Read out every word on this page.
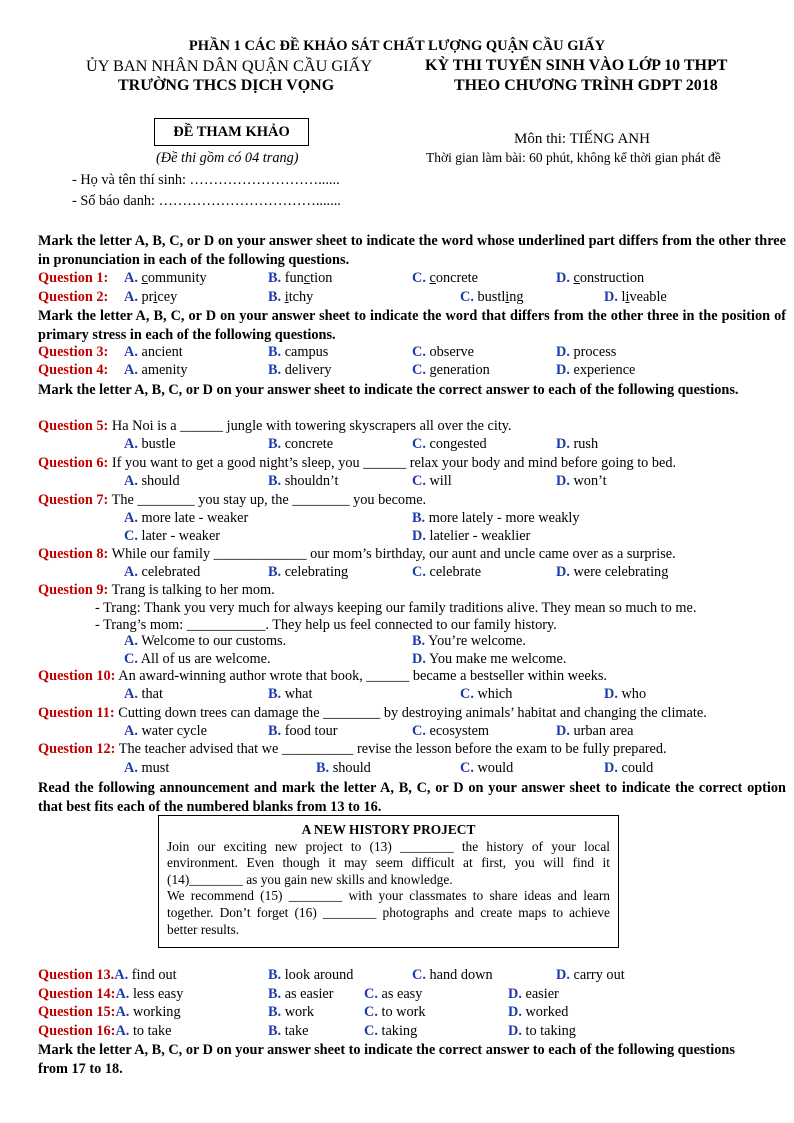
PHẦN 1 CÁC ĐỀ KHẢO SÁT CHẤT LƯỢNG QUẬN CẦU GIẤY
ỦY BAN NHÂN DÂN QUẬN CẦU GIẤY
TRƯỜNG THCS DỊCH VỌNG
KỲ THI TUYỂN SINH VÀO LỚP 10 THPT
THEO CHƯƠNG TRÌNH GDPT 2018
ĐỀ THAM KHẢO
(Đề thi gồm có 04 trang)
Môn thi: TIẾNG ANH
Thời gian làm bài: 60 phút, không kể thời gian phát đề
- Họ và tên thí sinh: ………………………......
- Số báo danh: …………………………….......
Mark the letter A, B, C, or D on your answer sheet to indicate the word whose underlined part differs from the other three in pronunciation in each of the following questions.
Question 1: A. community	B. function	C. concrete	D. construction
Question 2: A. pricey	B. itchy	C. bustling	D. liveable
Mark the letter A, B, C, or D on your answer sheet to indicate the word that differs from the other three in the position of primary stress in each of the following questions.
Question 3: A. ancient	B. campus	C. observe	D. process
Question 4: A. amenity	B. delivery	C. generation	D. experience
Mark the letter A, B, C, or D on your answer sheet to indicate the correct answer to each of the following questions.
Question 5: Ha Noi is a ______ jungle with towering skyscrapers all over the city.
A. bustle	B. concrete	C. congested	D. rush
Question 6: If you want to get a good night’s sleep, you ______ relax your body and mind before going to bed.
A. should	B. shouldn’t	C. will	D. won’t
Question 7: The ________ you stay up, the ________ you become.
A. more late - weaker	B. more lately - more weakly
C. later - weaker	D. latelier - weaklier
Question 8: While our family _____________ our mom’s birthday, our aunt and uncle came over as a surprise.
A. celebrated	B. celebrating	C. celebrate	D. were celebrating
Question 9: Trang is talking to her mom.
- Trang: Thank you very much for always keeping our family traditions alive. They mean so much to me.
- Trang’s mom: ___________. They help us feel connected to our family history.
A. Welcome to our customs.	B. You’re welcome.
C. All of us are welcome.	D. You make me welcome.
Question 10: An award-winning author wrote that book, ______ became a bestseller within weeks.
A. that	B. what	C. which	D. who
Question 11: Cutting down trees can damage the ________ by destroying animals’ habitat and changing the climate.
A. water cycle	B. food tour	C. ecosystem	D. urban area
Question 12: The teacher advised that we __________ revise the lesson before the exam to be fully prepared.
A. must	B. should	C. would	D. could
Read the following announcement and mark the letter A, B, C, or D on your answer sheet to indicate the correct option that best fits each of the numbered blanks from 13 to 16.
A NEW HISTORY PROJECT
Join our exciting new project to (13) ________ the history of your local environment. Even though it may seem difficult at first, you will find it (14)________ as you gain new skills and knowledge.
We recommend (15) ________ with your classmates to share ideas and learn together. Don’t forget (16) ________ photographs and create maps to achieve better results.
Question 13.A. find out	B. look around	C. hand down	D. carry out
Question 14:A. less easy	B. as easier C. as easy	D. easier
Question 15:A. working	B. work	C. to work	D. worked
Question 16:A. to take	B. take	C. taking	D. to taking
Mark the letter A, B, C, or D on your answer sheet to indicate the correct answer to each of the following questions from 17 to 18.
